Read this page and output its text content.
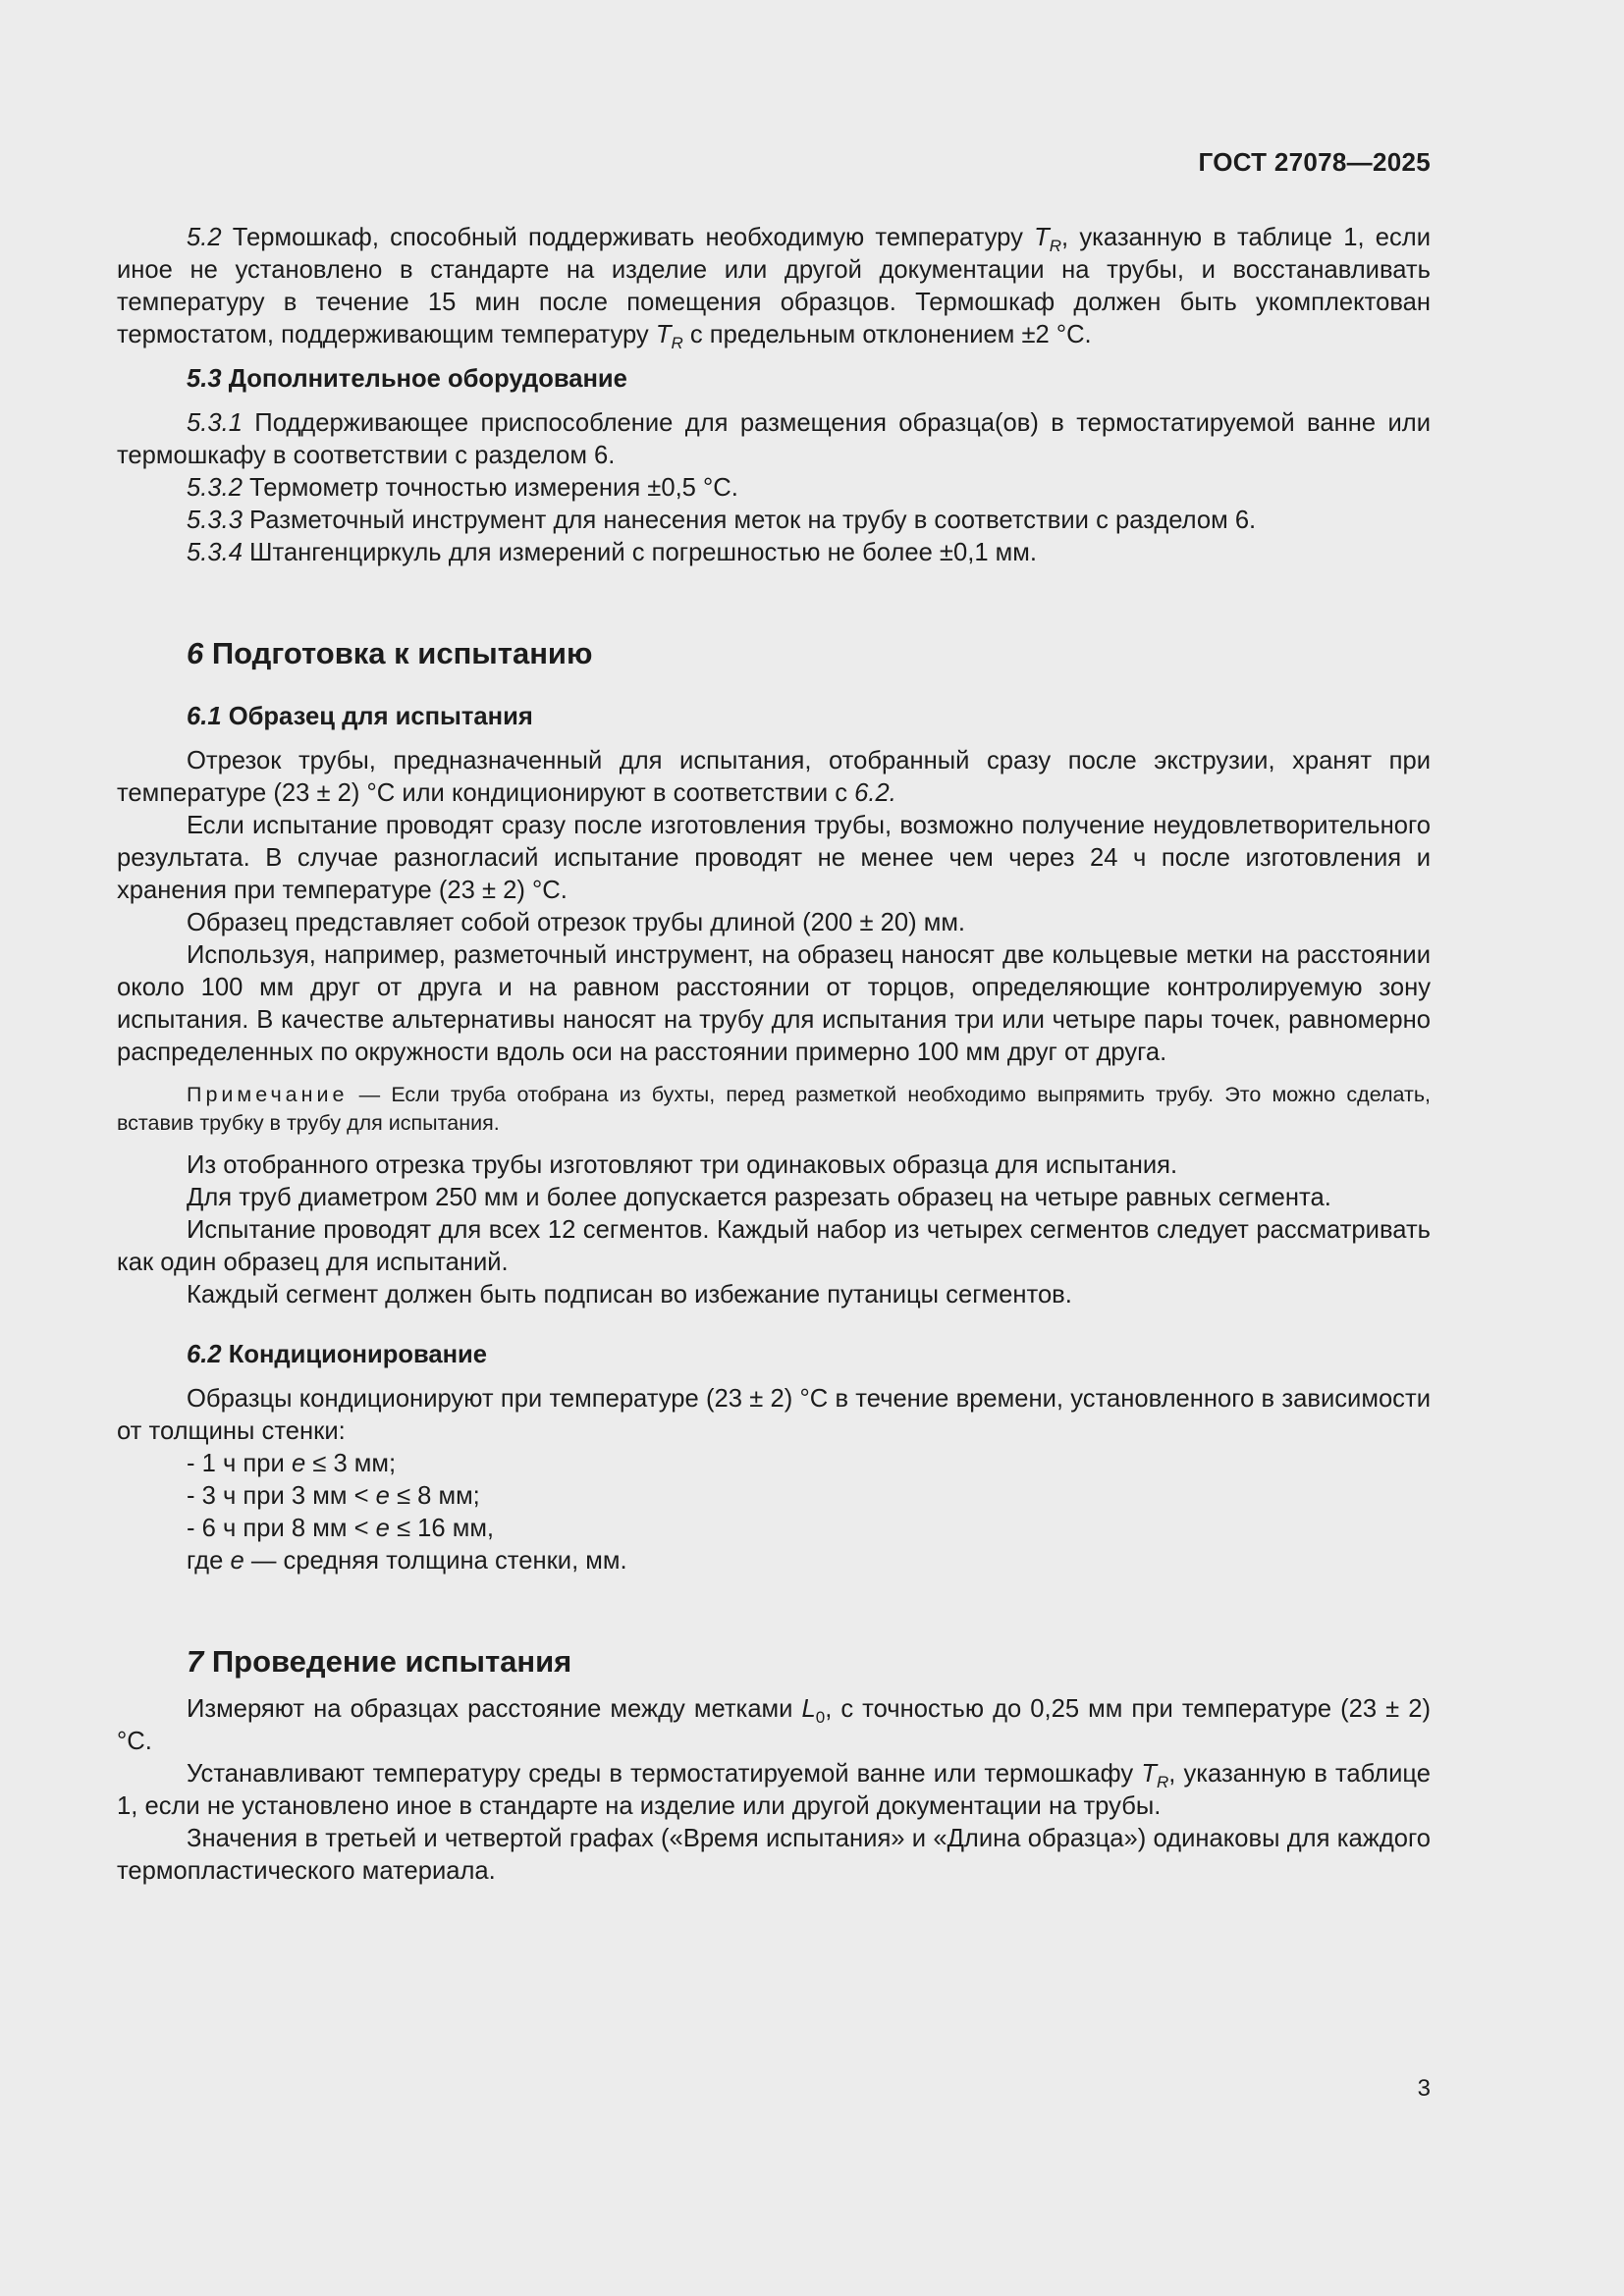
ГОСТ 27078—2025

5.2 Термошкаф, способный поддерживать необходимую температуру $T_R$, указанную в таблице 1, если иное не установлено в стандарте на изделие или другой документации на трубы, и восстанавливать температуру в течение 15 мин после помещения образцов. Термошкаф должен быть укомплектован термостатом, поддерживающим температуру $T_R$ с предельным отклонением ±2 °C.

5.3 Дополнительное оборудование

5.3.1 Поддерживающее приспособление для размещения образца(ов) в термостатируемой ванне или термошкафу в соответствии с разделом 6.

5.3.2 Термометр точностью измерения ±0,5 °C.

5.3.3 Разметочный инструмент для нанесения меток на трубу в соответствии с разделом 6.

5.3.4 Штангенциркуль для измерений с погрешностью не более ±0,1 мм.

6 Подготовка к испытанию

6.1 Образец для испытания

Отрезок трубы, предназначенный для испытания, отобранный сразу после экструзии, хранят при температуре (23 ± 2) °С или кондиционируют в соответствии с 6.2.

Если испытание проводят сразу после изготовления трубы, возможно получение неудовлетворительного результата. В случае разногласий испытание проводят не менее чем через 24 ч после изготовления и хранения при температуре (23 ± 2) °С.

Образец представляет собой отрезок трубы длиной (200 ± 20) мм.

Используя, например, разметочный инструмент, на образец наносят две кольцевые метки на расстоянии около 100 мм друг от друга и на равном расстоянии от торцов, определяющие контролируемую зону испытания. В качестве альтернативы наносят на трубу для испытания три или четыре пары точек, равномерно распределенных по окружности вдоль оси на расстоянии примерно 100 мм друг от друга.

Примечание — Если труба отобрана из бухты, перед разметкой необходимо выпрямить трубу. Это можно сделать, вставив трубку в трубу для испытания.

Из отобранного отрезка трубы изготовляют три одинаковых образца для испытания.

Для труб диаметром 250 мм и более допускается разрезать образец на четыре равных сегмента.

Испытание проводят для всех 12 сегментов. Каждый набор из четырех сегментов следует рассматривать как один образец для испытаний.

Каждый сегмент должен быть подписан во избежание путаницы сегментов.

6.2 Кондиционирование

Образцы кондиционируют при температуре (23 ± 2) °С в течение времени, установленного в зависимости от толщины стенки:

- 1 ч при e ≤ 3 мм;

- 3 ч при 3 мм < e ≤ 8 мм;

- 6 ч при 8 мм < e ≤ 16 мм,

где e — средняя толщина стенки, мм.

7 Проведение испытания

Измеряют на образцах расстояние между метками $L_0$, с точностью до 0,25 мм при температуре (23 ± 2) °С.

Устанавливают температуру среды в термостатируемой ванне или термошкафу $T_R$, указанную в таблице 1, если не установлено иное в стандарте на изделие или другой документации на трубы.

Значения в третьей и четвертой графах («Время испытания» и «Длина образца») одинаковы для каждого термопластического материала.

3
